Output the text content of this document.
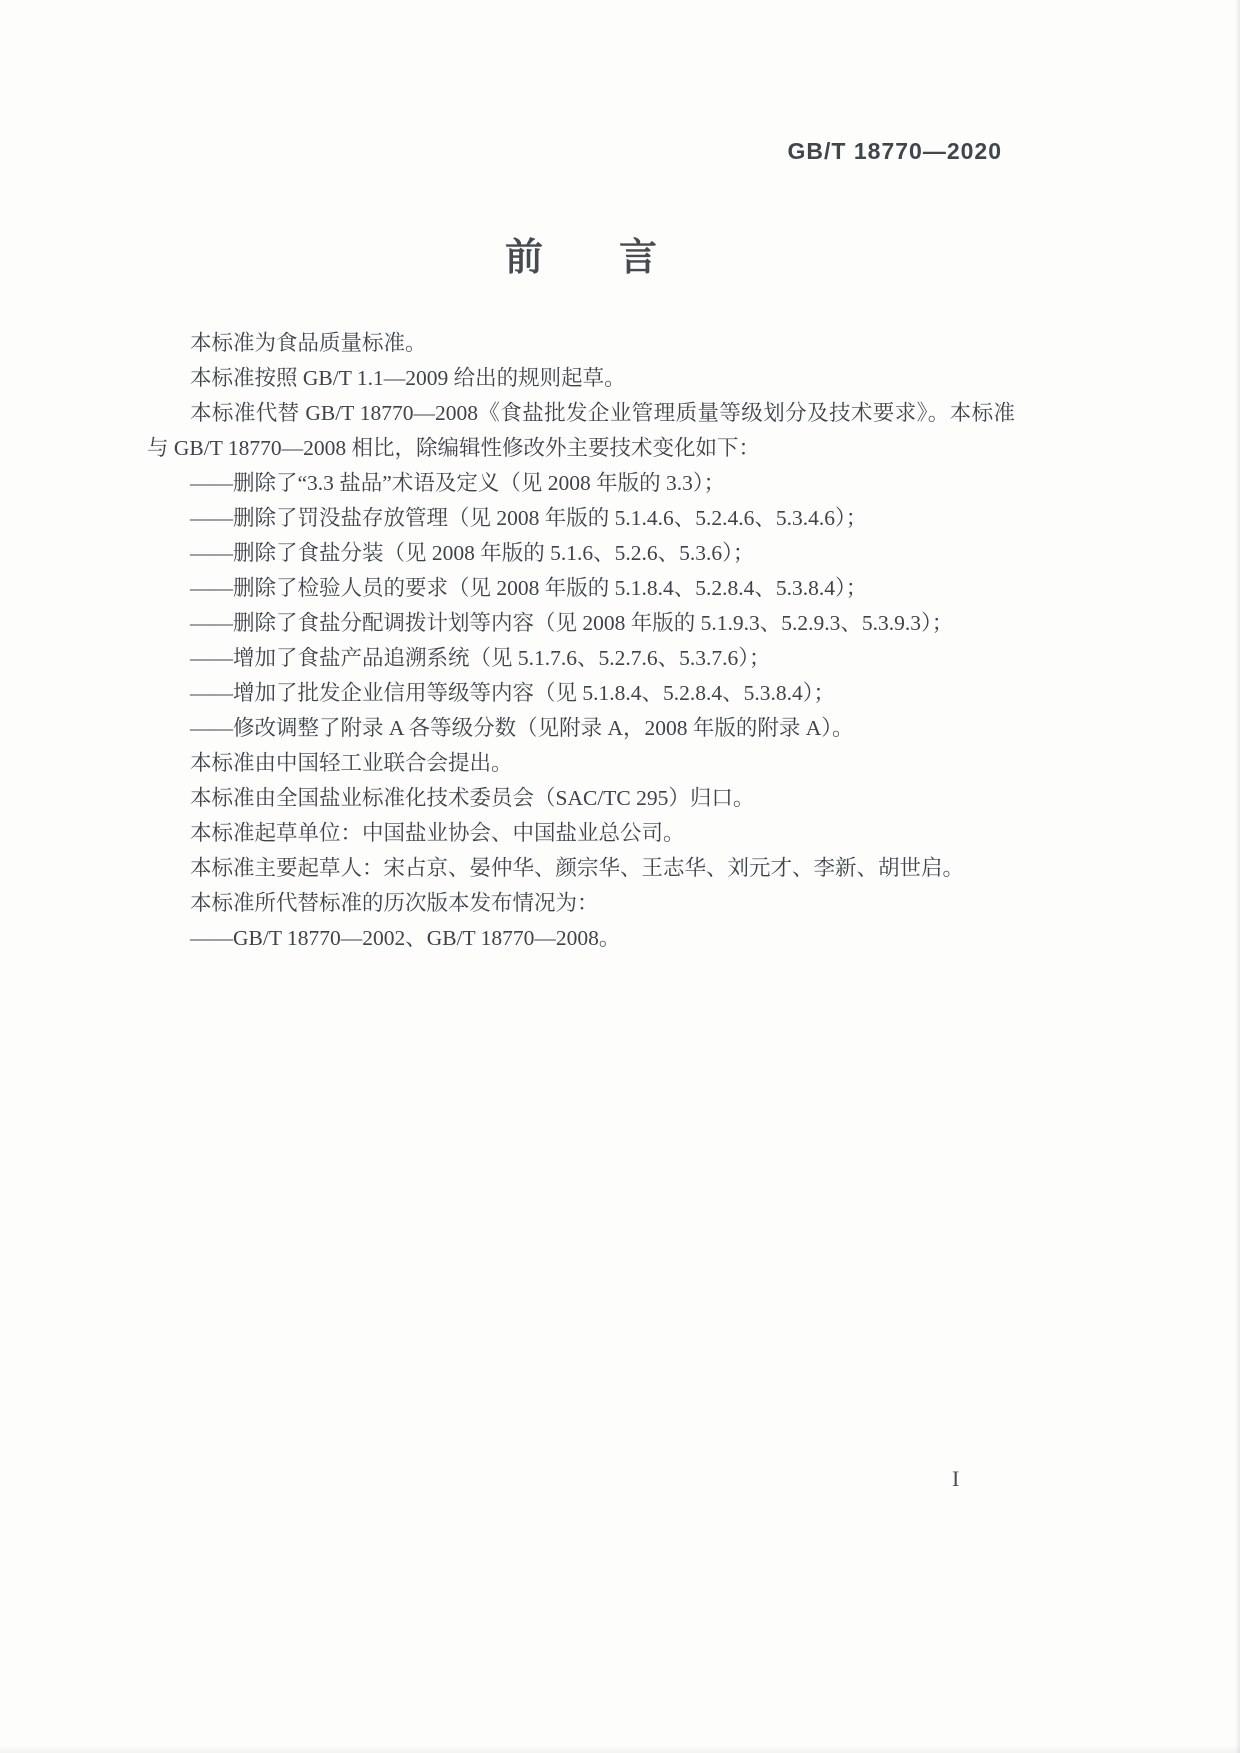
GB/T 18770—2020
前　　言

本标准为食品质量标准。

本标准按照 GB/T 1.1—2009 给出的规则起草。

本标准代替 GB/T 18770—2008《食盐批发企业管理质量等级划分及技术要求》。本标准与 GB/T 18770—2008 相比，除编辑性修改外主要技术变化如下：

——删除了“3.3 盐品”术语及定义（见 2008 年版的 3.3）；

——删除了罚没盐存放管理（见 2008 年版的 5.1.4.6、5.2.4.6、5.3.4.6）；

——删除了食盐分装（见 2008 年版的 5.1.6、5.2.6、5.3.6）；

——删除了检验人员的要求（见 2008 年版的 5.1.8.4、5.2.8.4、5.3.8.4）；

——删除了食盐分配调拨计划等内容（见 2008 年版的 5.1.9.3、5.2.9.3、5.3.9.3）；

——增加了食盐产品追溯系统（见 5.1.7.6、5.2.7.6、5.3.7.6）；

——增加了批发企业信用等级等内容（见 5.1.8.4、5.2.8.4、5.3.8.4）；

——修改调整了附录 A 各等级分数（见附录 A，2008 年版的附录 A）。

本标准由中国轻工业联合会提出。

本标准由全国盐业标准化技术委员会（SAC/TC 295）归口。

本标准起草单位：中国盐业协会、中国盐业总公司。

本标准主要起草人：宋占京、晏仲华、颜宗华、王志华、刘元才、李新、胡世启。

本标准所代替标准的历次版本发布情况为：

——GB/T 18770—2002、GB/T 18770—2008。

I
